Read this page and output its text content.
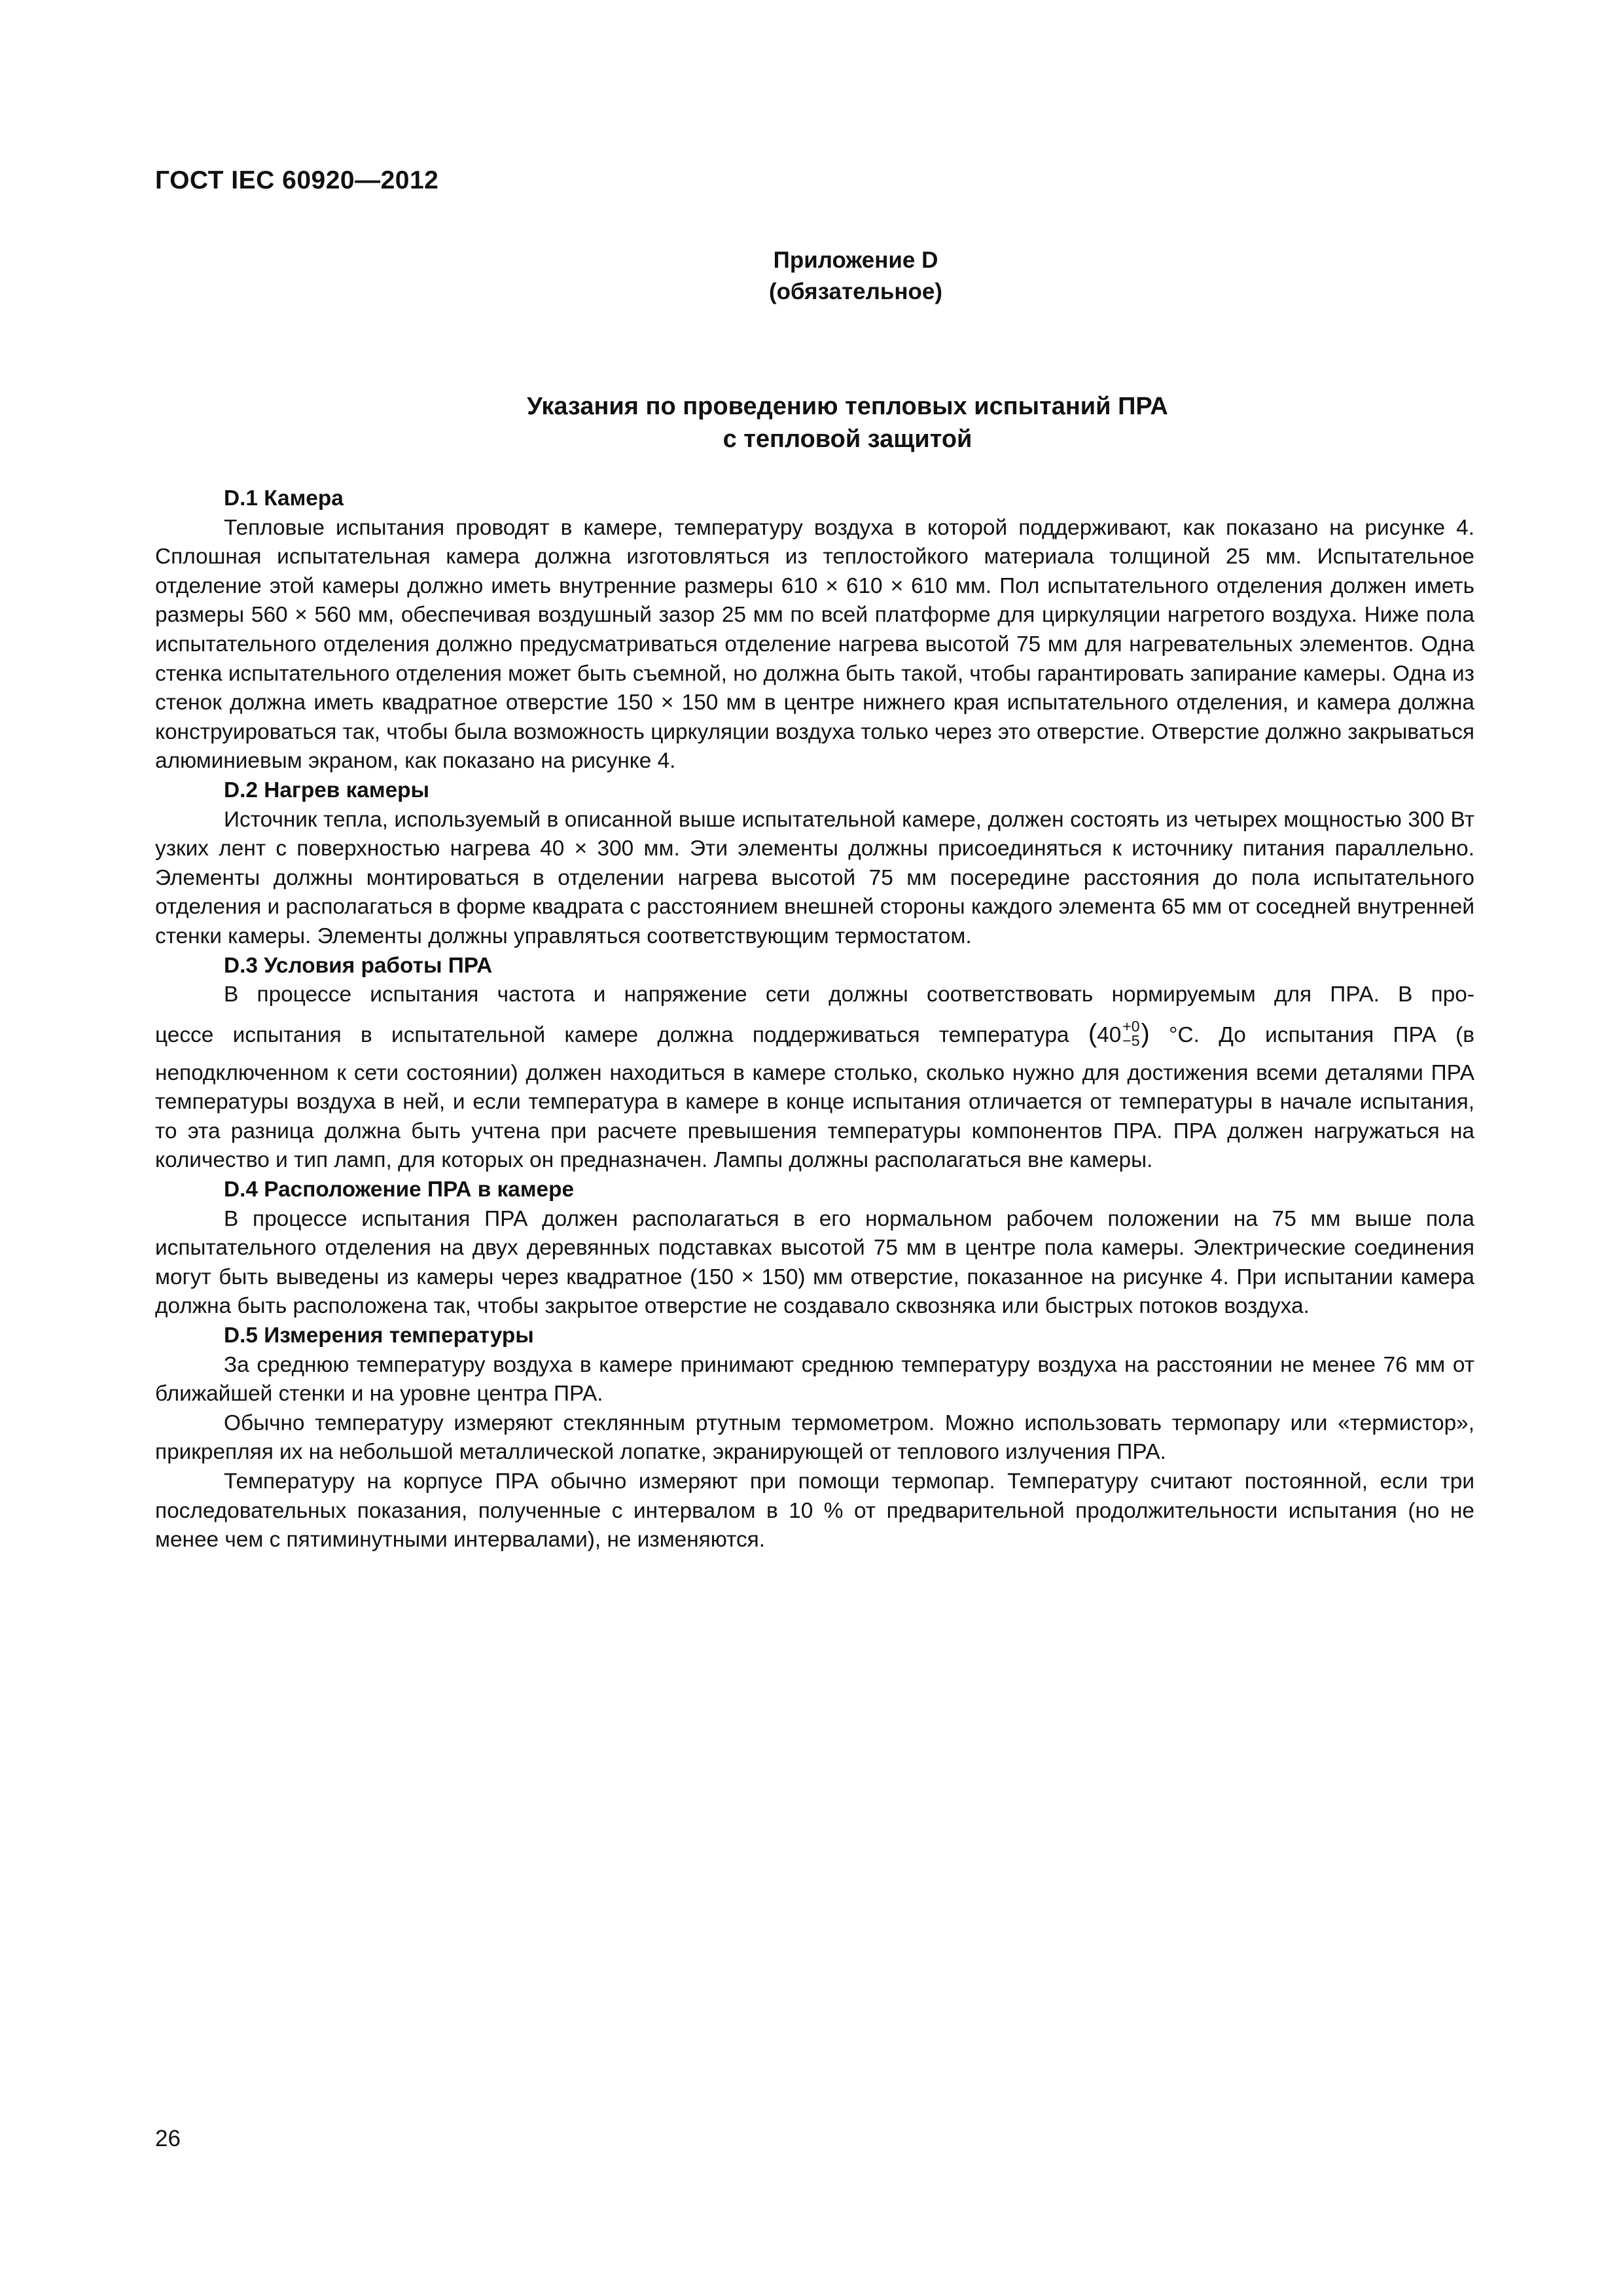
ГОСТ IEC 60920—2012
Приложение D
(обязательное)
Указания по проведению тепловых испытаний ПРА
с тепловой защитой
D.1 Камера

Тепловые испытания проводят в камере, температуру воздуха в которой поддерживают, как показано на рисунке 4. Сплошная испытательная камера должна изготовляться из теплостойкого материала толщиной 25 мм. Испытательное отделение этой камеры должно иметь внутренние размеры 610 × 610 × 610 мм. Пол испытательного отделения должен иметь размеры 560 × 560 мм, обеспечивая воздушный зазор 25 мм по всей платформе для циркуляции нагретого воздуха. Ниже пола испытательного отделения должно предусматриваться отделение нагрева высотой 75 мм для нагревательных элементов. Одна стенка испытательного отделения может быть съемной, но должна быть такой, чтобы гарантировать запирание камеры. Одна из стенок должна иметь квадратное отверстие 150 × 150 мм в центре нижнего края испытательного отделения, и камера должна конструироваться так, чтобы была возможность циркуляции воздуха только через это отверстие. Отверстие должно закрываться алюминиевым экраном, как показано на рисунке 4.

D.2 Нагрев камеры

Источник тепла, используемый в описанной выше испытательной камере, должен состоять из четырех мощностью 300 Вт узких лент с поверхностью нагрева 40 × 300 мм. Эти элементы должны присоединяться к источнику питания параллельно. Элементы должны монтироваться в отделении нагрева высотой 75 мм посередине расстояния до пола испытательного отделения и располагаться в форме квадрата с расстоянием внешней стороны каждого элемента 65 мм от соседней внутренней стенки камеры. Элементы должны управляться соответствующим термостатом.

D.3 Условия работы ПРА

В процессе испытания частота и напряжение сети должны соответствовать нормируемым для ПРА. В про-

цессе испытания в испытательной камере должна поддерживаться температура (40 +0
−5 ) °С. До испытания ПРА (в

неподключенном к сети состоянии) должен находиться в камере столько, сколько нужно для достижения всеми деталями ПРА температуры воздуха в ней, и если температура в камере в конце испытания отличается от температуры в начале испытания, то эта разница должна быть учтена при расчете превышения температуры компонентов ПРА. ПРА должен нагружаться на количество и тип ламп, для которых он предназначен. Лампы должны располагаться вне камеры.

D.4 Расположение ПРА в камере

В процессе испытания ПРА должен располагаться в его нормальном рабочем положении на 75 мм выше пола испытательного отделения на двух деревянных подставках высотой 75 мм в центре пола камеры. Электрические соединения могут быть выведены из камеры через квадратное (150 × 150) мм отверстие, показанное на рисунке 4. При испытании камера должна быть расположена так, чтобы закрытое отверстие не создавало сквозняка или быстрых потоков воздуха.

D.5 Измерения температуры

За среднюю температуру воздуха в камере принимают среднюю температуру воздуха на расстоянии не менее 76 мм от ближайшей стенки и на уровне центра ПРА.

Обычно температуру измеряют стеклянным ртутным термометром. Можно использовать термопару или «термистор», прикрепляя их на небольшой металлической лопатке, экранирующей от теплового излучения ПРА.

Температуру на корпусе ПРА обычно измеряют при помощи термопар. Температуру считают постоянной, если три последовательных показания, полученные с интервалом в 10 % от предварительной продолжительности испытания (но не менее чем с пятиминутными интервалами), не изменяются.

26
